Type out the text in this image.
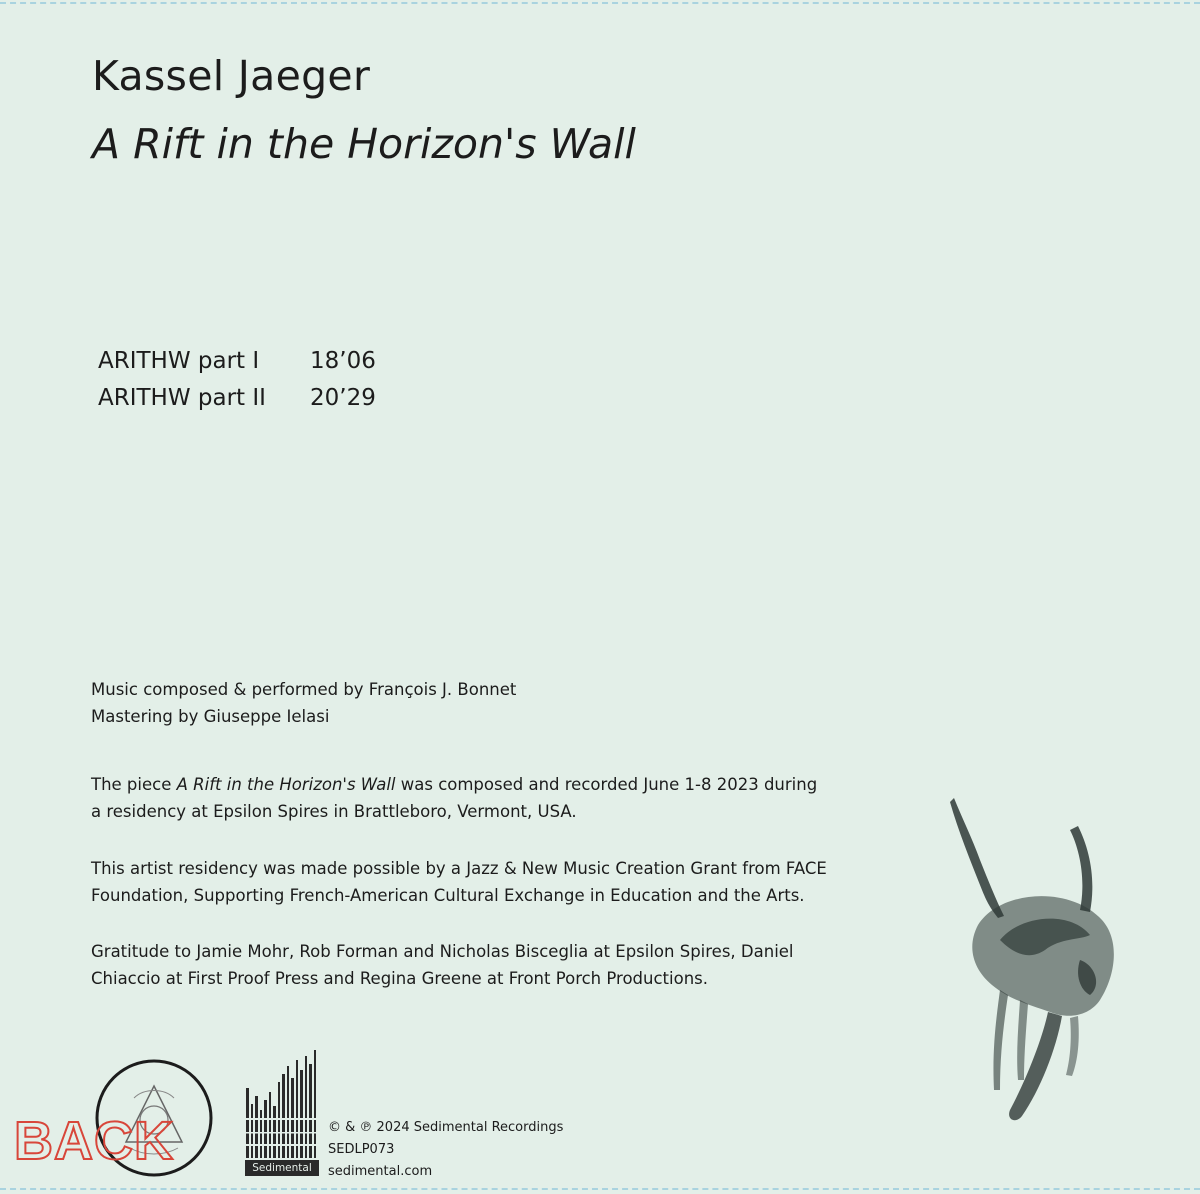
Kassel Jaeger
A Rift in the Horizon's Wall
ARITHW part I	18’06
ARITHW part II	20’29
Music composed & performed by François J. Bonnet
Mastering by Giuseppe Ielasi
The piece A Rift in the Horizon's Wall was composed and recorded June 1-8 2023 during
a residency at Epsilon Spires in Brattleboro, Vermont, USA.
This artist residency was made possible by a Jazz & New Music Creation Grant from FACE
Foundation, Supporting French-American Cultural Exchange in Education and the Arts.
Gratitude to Jamie Mohr, Rob Forman and Nicholas Bisceglia at Epsilon Spires, Daniel
Chiaccio at First Proof Press and Regina Greene at Front Porch Productions.
BACK	Sedimental
© & ℗ 2024 Sedimental Recordings
SEDLP073
sedimental.com
